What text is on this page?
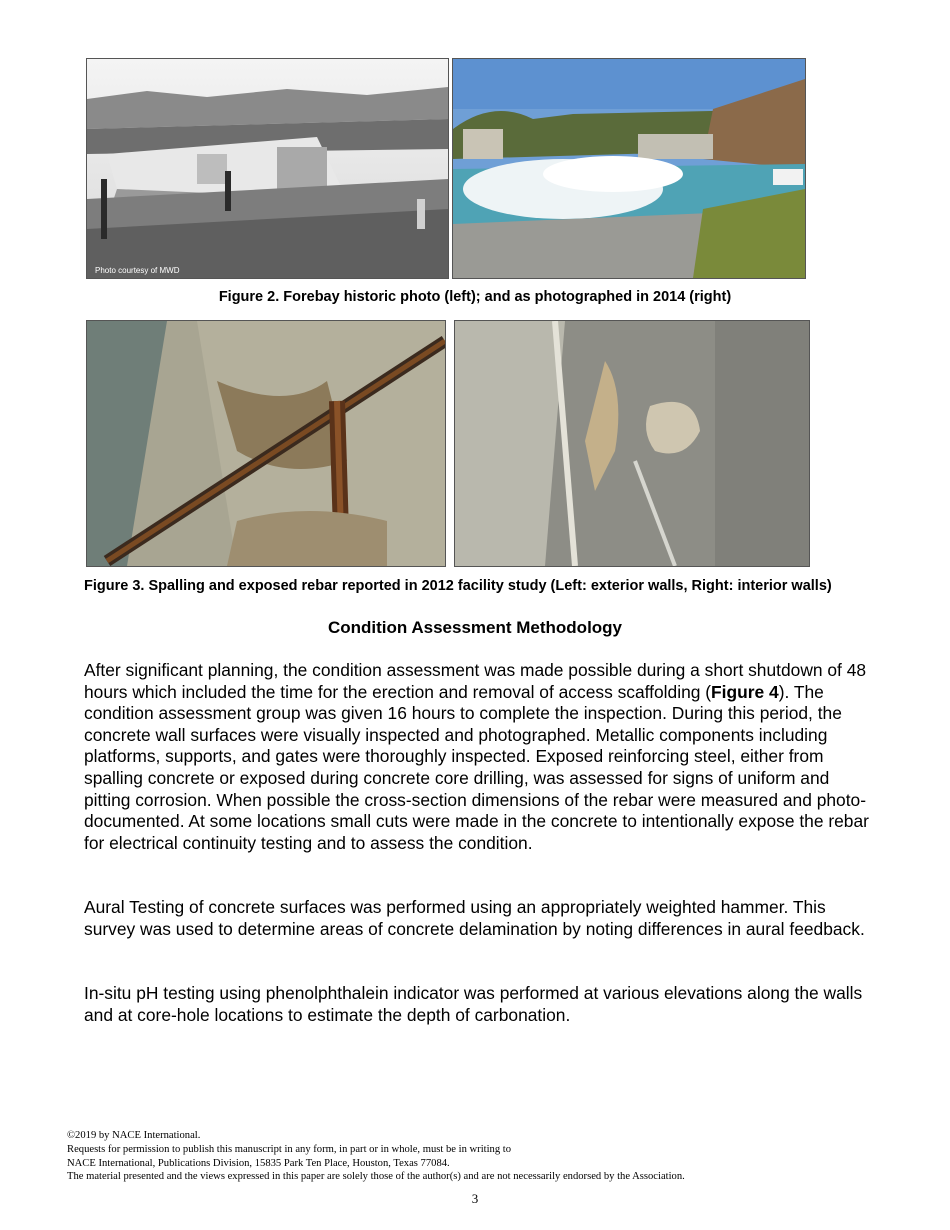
Photo courtesy of MWD
Figure 2. Forebay historic photo (left); and as photographed in 2014 (right)
Figure 3. Spalling and exposed rebar reported in 2012 facility study (Left: exterior walls, Right: interior walls)
Condition Assessment Methodology

After significant planning, the condition assessment was made possible during a short shutdown of 48 hours which included the time for the erection and removal of access scaffolding (Figure 4). The condition assessment group was given 16 hours to complete the inspection. During this period, the concrete wall surfaces were visually inspected and photographed. Metallic components including platforms, supports, and gates were thoroughly inspected. Exposed reinforcing steel, either from spalling concrete or exposed during concrete core drilling, was assessed for signs of uniform and pitting corrosion. When possible the cross-section dimensions of the rebar were measured and photo-documented. At some locations small cuts were made in the concrete to intentionally expose the rebar for electrical continuity testing and to assess the condition.

Aural Testing of concrete surfaces was performed using an appropriately weighted hammer. This survey was used to determine areas of concrete delamination by noting differences in aural feedback.

In-situ pH testing using phenolphthalein indicator was performed at various elevations along the walls and at core-hole locations to estimate the depth of carbonation.

©2019 by NACE International.
Requests for permission to publish this manuscript in any form, in part or in whole, must be in writing to
NACE International, Publications Division, 15835 Park Ten Place, Houston, Texas 77084.
The material presented and the views expressed in this paper are solely those of the author(s) and are not necessarily endorsed by the Association.
3
